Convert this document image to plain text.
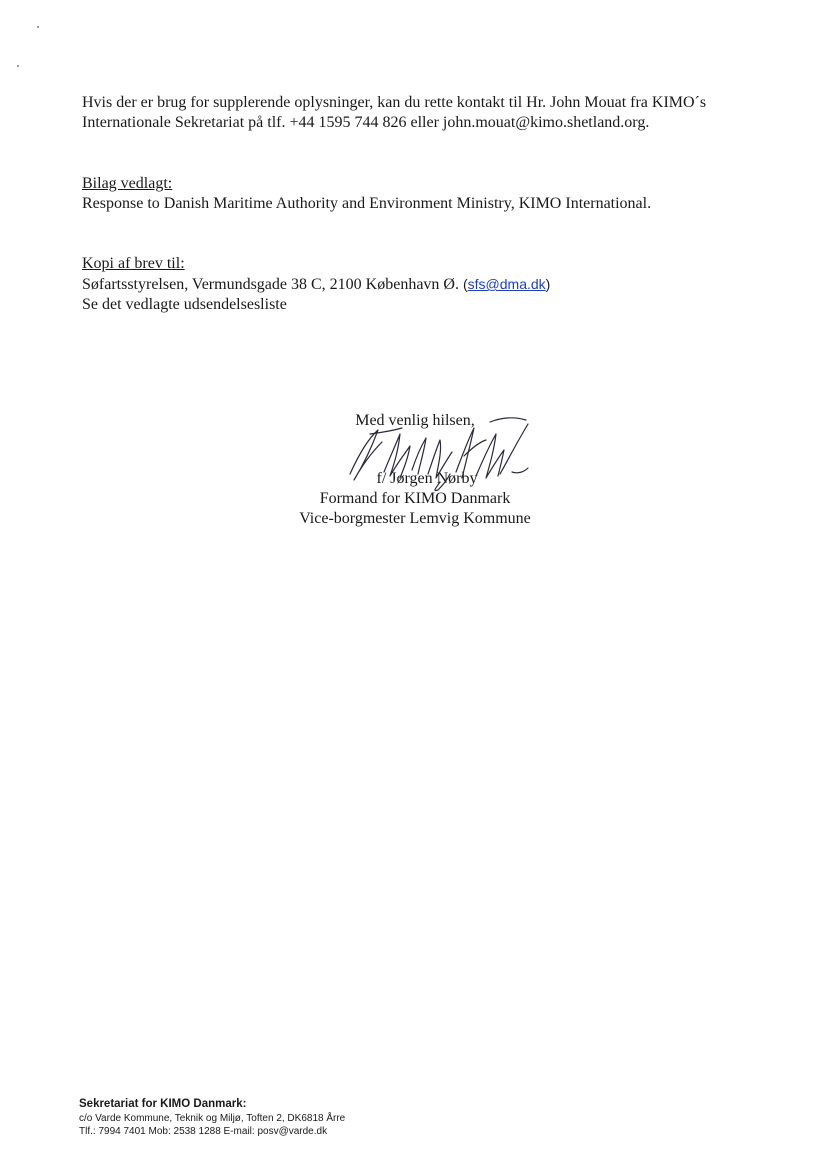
Hvis der er brug for supplerende oplysninger, kan du rette kontakt til Hr. John Mouat fra KIMO´s
Internationale Sekretariat på tlf. +44 1595 744 826 eller john.mouat@kimo.shetland.org.
Bilag vedlagt:
Response to Danish Maritime Authority and Environment Ministry, KIMO International.
Kopi af brev til:
Søfartsstyrelsen, Vermundsgade 38 C, 2100 København Ø. (sfs@dma.dk)
Se det vedlagte udsendelsesliste
Med venlig hilsen,
f/ Jørgen Nørby
Formand for KIMO Danmark
Vice-borgmester Lemvig Kommune
Sekretariat for KIMO Danmark:
c/o Varde Kommune, Teknik og Miljø, Toften 2, DK6818 Årre
Tlf.: 7994 7401 Mob: 2538 1288 E-mail: posv@varde.dk
